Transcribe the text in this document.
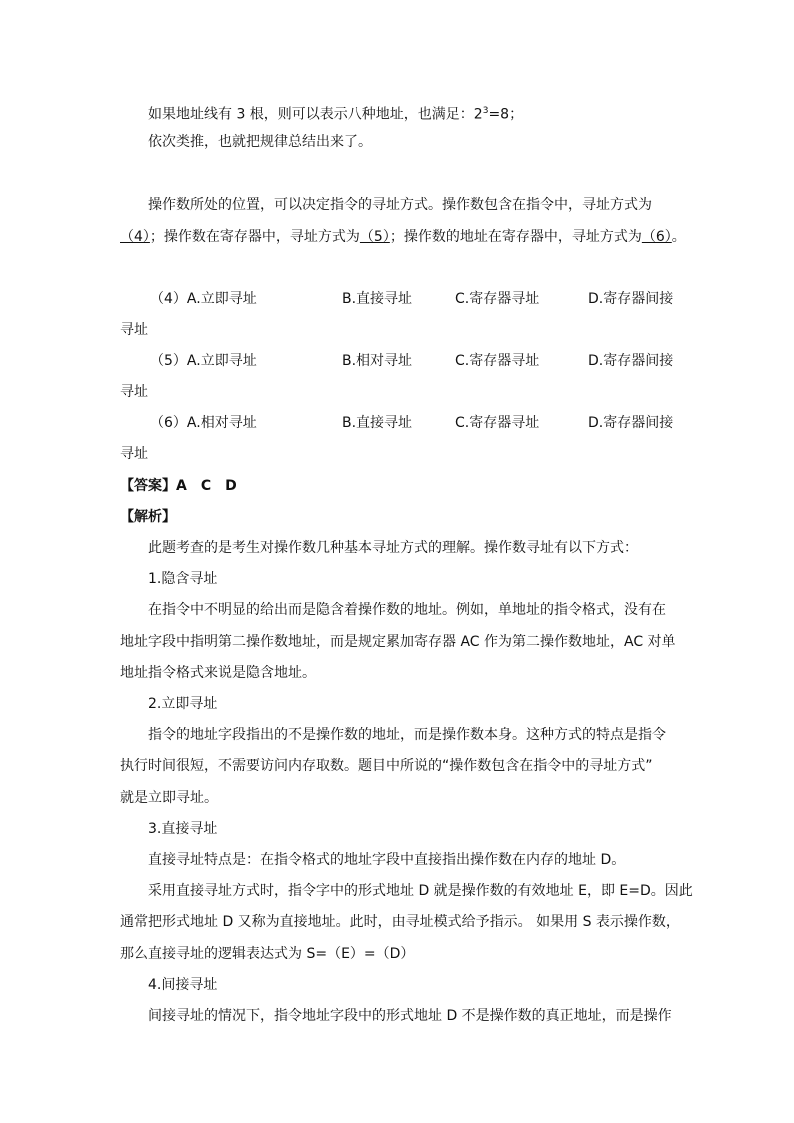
如果地址线有 3 根，则可以表示八种地址，也满足：$2^3=8$；
依次类推，也就把规律总结出来了。
操作数所处的位置，可以决定指令的寻址方式。操作数包含在指令中，寻址方式为
（4）；操作数在寄存器中，寻址方式为（5）；操作数的地址在寄存器中，寻址方式为（6）。
（4）A.立即寻址	B.直接寻址	C.寄存器寻址	D.寄存器间接
寻址
（5）A.立即寻址	B.相对寻址	C.寄存器寻址	D.寄存器间接
寻址
（6）A.相对寻址	B.直接寻址	C.寄存器寻址	D.寄存器间接
寻址
【答案】A　C　D
【解析】
此题考查的是考生对操作数几种基本寻址方式的理解。操作数寻址有以下方式：
1.隐含寻址
在指令中不明显的给出而是隐含着操作数的地址。例如，单地址的指令格式，没有在
地址字段中指明第二操作数地址，而是规定累加寄存器 AC 作为第二操作数地址，AC 对单
地址指令格式来说是隐含地址。
2.立即寻址
指令的地址字段指出的不是操作数的地址，而是操作数本身。这种方式的特点是指令
执行时间很短，不需要访问内存取数。题目中所说的“操作数包含在指令中的寻址方式”
就是立即寻址。
3.直接寻址
直接寻址特点是：在指令格式的地址字段中直接指出操作数在内存的地址 D。
采用直接寻址方式时，指令字中的形式地址 D 就是操作数的有效地址 E，即 E=D。因此
通常把形式地址 D 又称为直接地址。此时，由寻址模式给予指示。 如果用 S 表示操作数，
那么直接寻址的逻辑表达式为 S=（E）=（D）
4.间接寻址
间接寻址的情况下，指令地址字段中的形式地址 D 不是操作数的真正地址，而是操作
